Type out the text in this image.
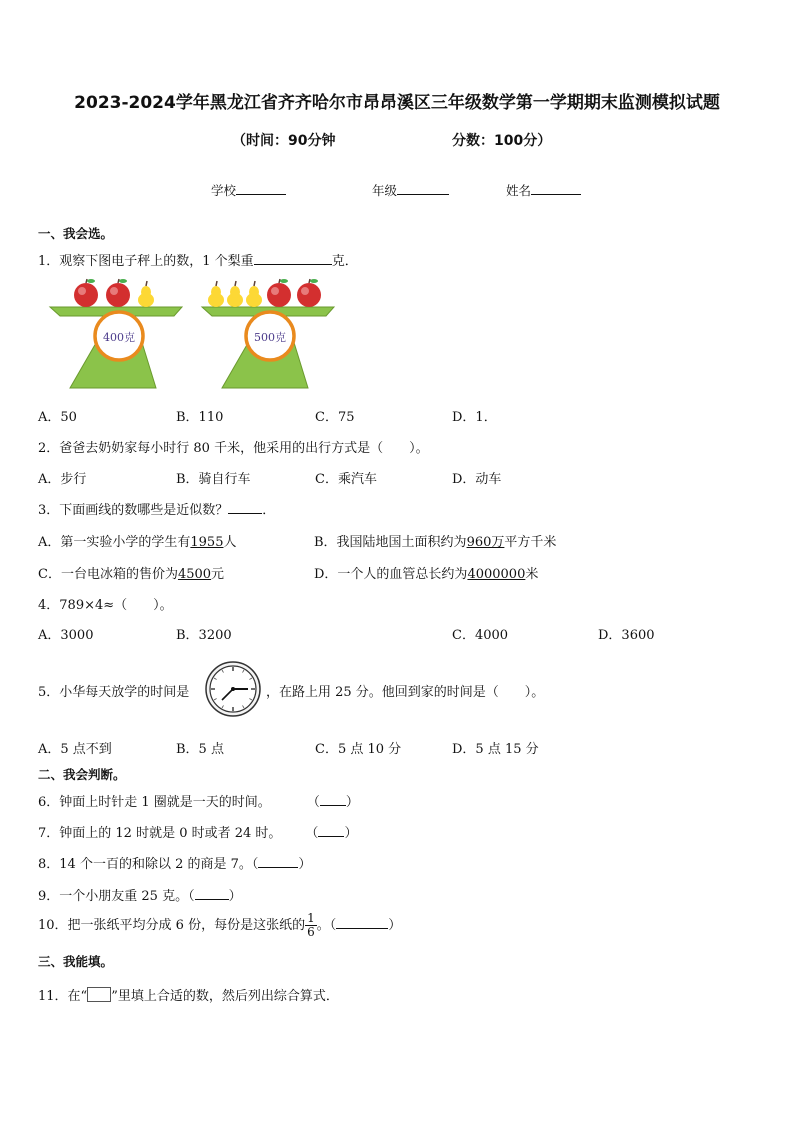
2023-2024学年黑龙江省齐齐哈尔市昂昂溪区三年级数学第一学期期末监测模拟试题
（时间：90分钟	分数：100分）
学校	年级	姓名
一、我会选。
1．观察下图电子秤上的数，1 个梨重	克．
400克	500克
A．50	B．110	C．75	D．1．
2．爸爸去奶奶家每小时行 80 千米，他采用的出行方式是（　　）。
A．步行	B．骑自行车	C．乘汽车	D．动车
3．下面画线的数哪些是近似数？	．
A．第一实验小学的学生有1955人	B．我国陆地国土面积约为960万平方千米
C．一台电冰箱的售价为4500元	D．一个人的血管总长约为4000000米
4．789×4≈（　　）。
A．3000	B．3200	C．4000	D．3600
5．小华每天放学的时间是	，在路上用 25 分。他回到家的时间是（　　）。
A．5 点不到	B．5 点	C．5 点 10 分	D．5 点 15 分
二、我会判断。
6．钟面上时针走 1 圈就是一天的时间。	（ ）
7．钟面上的 12 时就是 0 时或者 24 时。 （ ）
8．14 个一百的和除以 2 的商是 7。（	）
9．一个小朋友重 25 克。（	）
10．把一张纸平均分成 6 份，每份是这张纸的 $\frac{1}{6}$ 。（	）
三、我能填。
11．在“ ”里填上合适的数，然后列出综合算式．
